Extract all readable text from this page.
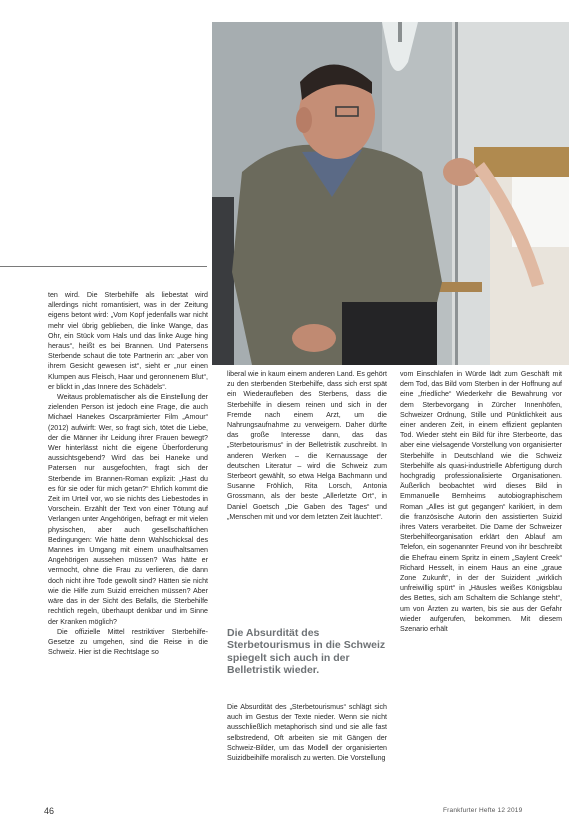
ten wird. Die Sterbehilfe als liebestat wird allerdings nicht romantisiert, was in der Zeitung eigens betont wird: „Vom Kopf jedenfalls war nicht mehr viel übrig geblieben, die linke Wange, das Ohr, ein Stück vom Hals und das linke Auge hing heraus“, heißt es bei Brannen. Und Patersens Sterbende schaut die tote Partnerin an: „aber von ihrem Gesicht gewesen ist“, sieht er „nur einen Klumpen aus Fleisch, Haar und geronnenem Blut“, er blickt in „das Innere des Schädels“.

Weitaus problematischer als die Einstellung der zielenden Person ist jedoch eine Frage, die auch Michael Hanekes Oscarprämierter Film „Amour“ (2012) aufwirft: Wer, so fragt sich, tötet die Liebe, der die Männer ihr Leidung ihrer Frauen bewegt? Wer hinterlässt nicht die eigene Überforderung aussichtsgebend? Wird das bei Haneke und Patersen nur ausgefochten, fragt sich der Sterbende im Brannen-Roman explizit: „Hast du es für sie oder für mich getan?“ Ehrlich kommt die Zeit im Urteil vor, wo sie nichts des Liebestodes in Vorschein. Erzählt der Text von einer Tötung auf Verlangen unter Angehörigen, befragt er mit vielen physischen, aber auch gesellschaftlichen Bedingungen: Wie hätte denn Wahlschicksal des Mannes im Umgang mit einem unaufhaltsamen Angehörigen aussehen müssen? Was hätte er vermocht, ohne die Frau zu verlieren, die dann doch nicht ihre Tode gewollt sind? Hätten sie nicht wie die Hilfe zum Suizid erreichen müssen? Aber wäre das in der Sicht des Befalls, die Sterbehilfe rechtlich regeln, überhaupt denkbar und im Sinne der Kranken möglich?

Die offizielle Mittel restriktiver Sterbehilfe-Gesetze zu umgehen, sind die Reise in die Schweiz. Hier ist die Rechtslage so

liberal wie in kaum einem anderen Land. Es gehört zu den sterbenden Sterbehilfe, dass sich erst spät ein Wiederaufleben des Sterbens, dass die Sterbehilfe in diesem reinen und sich in der Fremde nach einem Arzt, um die Nahrungsaufnahme zu verweigern. Daher dürfte das große Interesse dann, das das „Sterbetourismus“ in der Belletristik zuschreibt. In anderen Werken – die Kernaussage der deutschen Literatur – wird die Schweiz zum Sterbeort gewählt, so etwa Helga Bachmann und Susanne Fröhlich, Rita Lorsch, Antonia Grossmann, als der beste „Allerletzte Ort“, in Daniel Goetsch „Die Gaben des Tages“ und „Menschen mit und vor dem letzten Zeit läuchtet“.

Die Absurdität des Sterbetourismus in die Schweiz spiegelt sich auch in der Belletristik wieder.
Die Absurdität des „Sterbetourismus“ schlägt sich auch im Gestus der Texte nieder. Wenn sie nicht ausschließlich metaphorisch sind und sie alle fast selbstredend, Oft arbeiten sie mit Gängen der Schweiz-Bilder, um das Modell der organisierten Suizidbeihilfe moralisch zu werten. Die Vorstellung

vom Einschlafen in Würde lädt zum Geschäft mit dem Tod, das Bild vom Sterben in der Hoffnung auf eine „friedliche“ Wiederkehr die Bewahrung vor dem Sterbevorgang in Zürcher Innenhöfen, Schweizer Ordnung, Stille und Pünktlichkeit aus einer anderen Zeit, in einem effizient geplanten Tod. Wieder steht ein Bild für ihre Sterbeorte, das aber eine vielsagende Vorstellung von organisierter Sterbehilfe in Deutschland wie die Schweiz Sterbehilfe als quasi-industrielle Abfertigung durch hochgradig professionalisierte Organisationen. Äußerlich beobachtet wird dieses Bild in Emmanuelle Bernheims autobiographischem Roman „Alles ist gut gegangen“ karikiert, in dem die französische Autorin den assistierten Suizid ihres Vaters verarbeitet. Die Dame der Schweizer Sterbehilfeorganisation erklärt den Ablauf am Telefon, ein sogenannter Freund von ihr beschreibt die Ehefrau einem Spritz in einem „Saylent Creek“ Richard Hesselt, in einem Haus an eine „graue Zone Zukunft“, in der der Suizident „wirklich unfreiwillig spürt“ in „Häusles weißes Königsblau des Bettes, sich am Schaltern die Schlange steht“, um von Ärzten zu warten, bis sie aus der Gefahr wieder aufgerufen, bekommen. Mit diesem Szenario erhält

46	Frankfurter Hefte 12 2019
